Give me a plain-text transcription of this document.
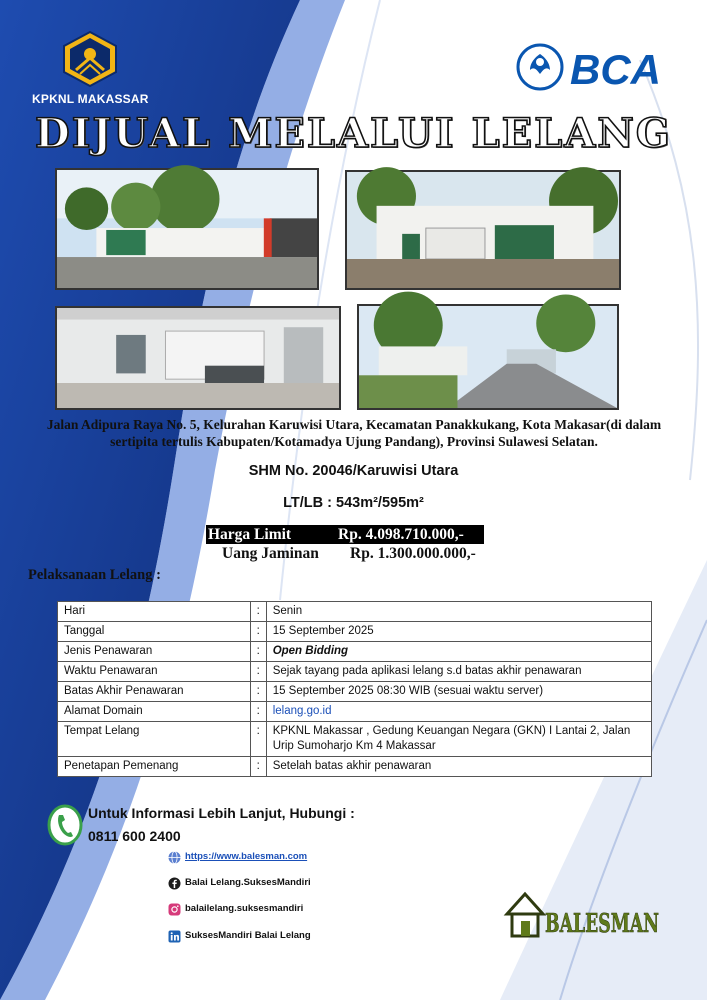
KPKNL MAKASSAR
BCA
DIJUAL MELALUI LELANG
Jalan Adipura Raya No. 5, Kelurahan Karuwisi Utara, Kecamatan Panakkukang, Kota Makasar(di dalam sertipita tertulis Kabupaten/Kotamadya Ujung Pandang), Provinsi Sulawesi Selatan.
SHM No. 20046/Karuwisi Utara
LT/LB : 543m²/595m²
Harga Limit	Rp. 4.098.710.000,-
Uang Jaminan Rp. 1.300.000.000,-
Pelaksanaan Lelang :
Hari	:	Senin
Tanggal	:	15 September 2025
Jenis Penawaran	:	Open Bidding
Waktu Penawaran	:	Sejak tayang pada aplikasi lelang s.d batas akhir penawaran
Batas Akhir Penawaran	:	15 September 2025 08:30 WIB (sesuai waktu server)
Alamat Domain	:	lelang.go.id
Tempat Lelang	:	KPKNL Makassar , Gedung Keuangan Negara (GKN) I Lantai 2, Jalan Urip Sumoharjo Km 4 Makassar
Penetapan Pemenang	:	Setelah batas akhir penawaran
Untuk Informasi Lebih Lanjut, Hubungi :
0811 600 2400
https://www.balesman.com
Balai Lelang.SuksesMandiri
balailelang.suksesmandiri
SuksesMandiri Balai Lelang	BALESMAN
